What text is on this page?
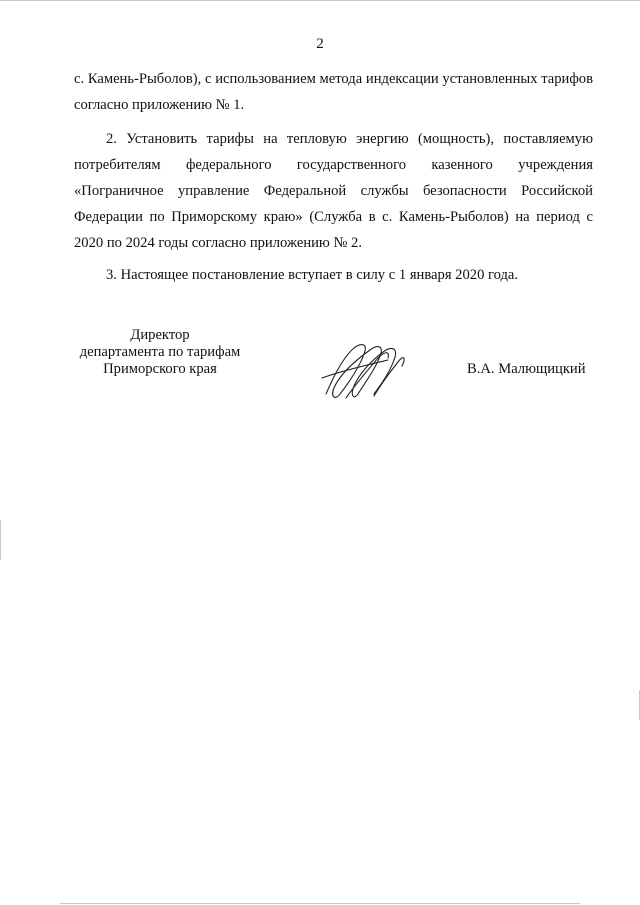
2

с. Камень-Рыболов), с использованием метода индексации установленных тарифов согласно приложению № 1.

2. Установить тарифы на тепловую энергию (мощность), поставляемую потребителям федерального государственного казенного учреждения «Пограничное управление Федеральной службы безопасности Российской Федерации по Приморскому краю» (Служба в с. Камень-Рыболов) на период с 2020 по 2024 годы согласно приложению № 2.

3. Настоящее постановление вступает в силу с 1 января 2020 года.

Директор
департамента по тарифам
Приморского края	В.А. Малющицкий
